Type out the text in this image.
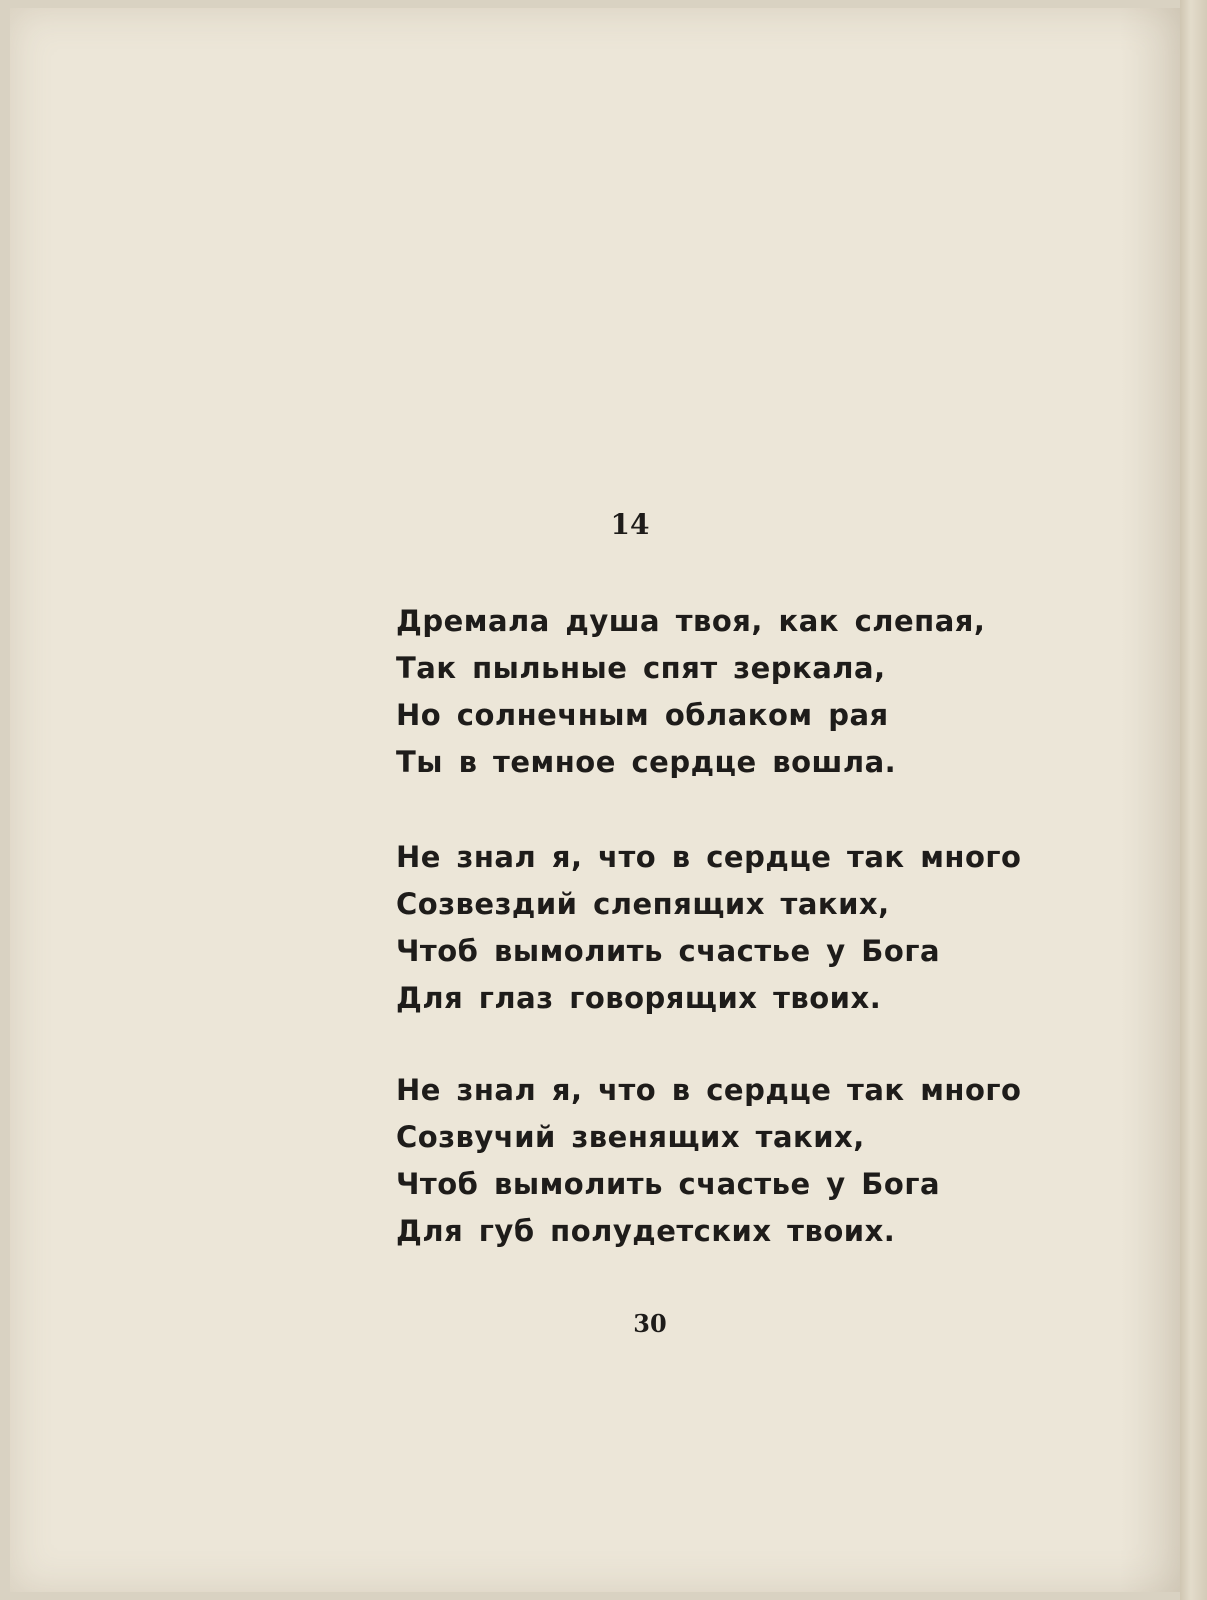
14
Дремала душа твоя, как слепая,
Так пыльные спят зеркала,
Но солнечным облаком рая
Ты в темное сердце вошла.
Не знал я, что в сердце так много
Созвездий слепящих таких,
Чтоб вымолить счастье у Бога
Для глаз говорящих твоих.
Не знал я, что в сердце так много
Созвучий звенящих таких,
Чтоб вымолить счастье у Бога
Для губ полудетских твоих.
30
